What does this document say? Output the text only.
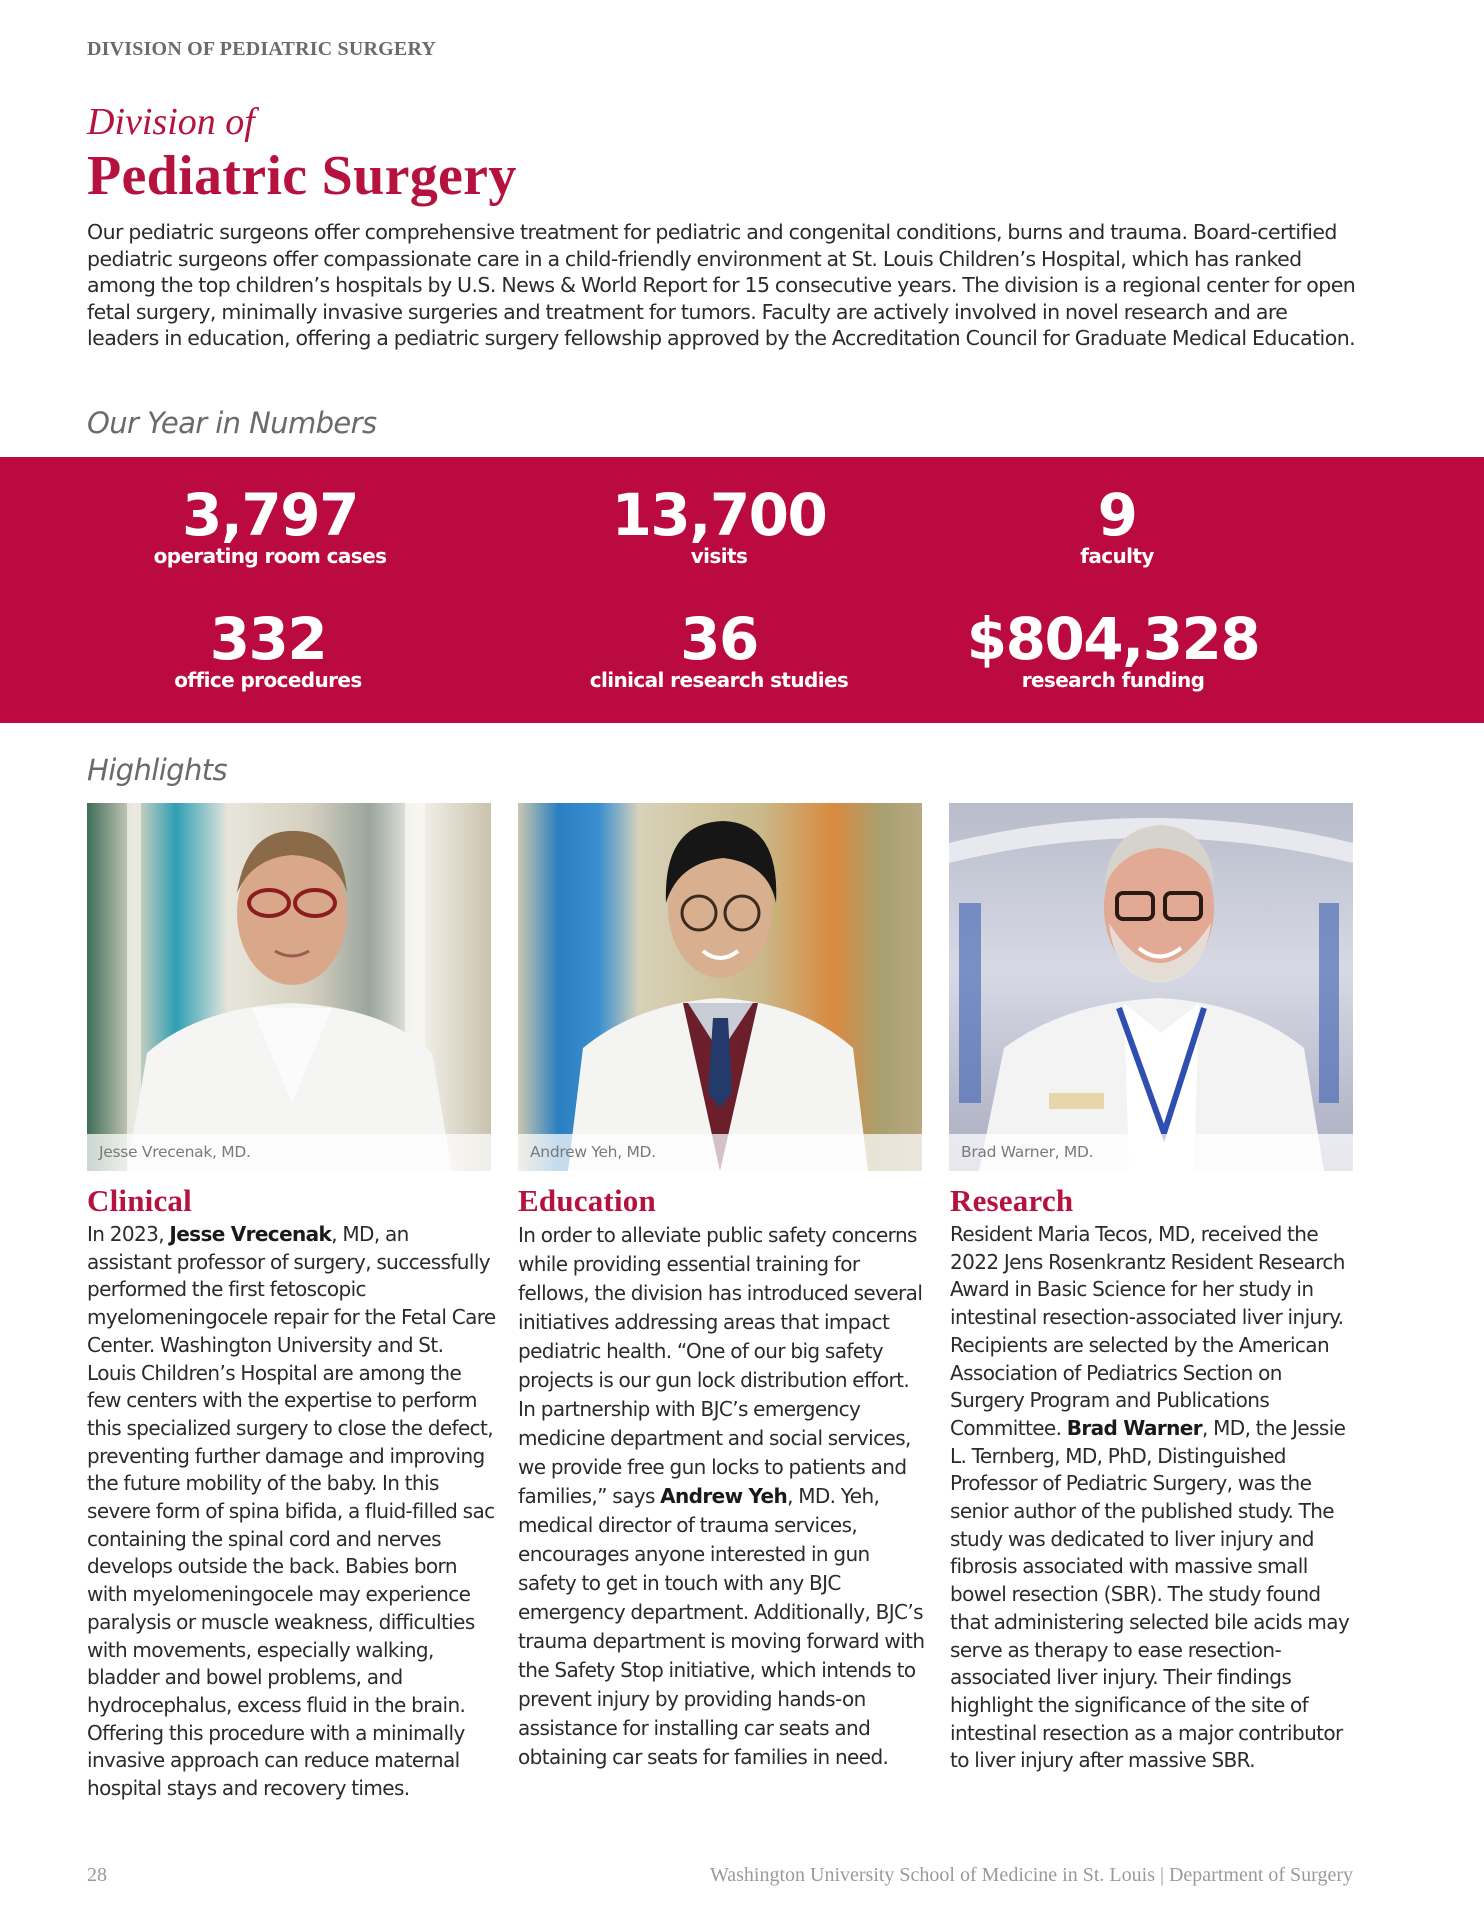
DIVISION OF PEDIATRIC SURGERY
Division of
Pediatric Surgery

Our pediatric surgeons offer comprehensive treatment for pediatric and congenital conditions, burns and trauma. Board-certified pediatric surgeons offer compassionate care in a child-friendly environment at St. Louis Children’s Hospital, which has ranked among the top children’s hospitals by U.S. News & World Report for 15 consecutive years. The division is a regional center for open fetal surgery, minimally invasive surgeries and treatment for tumors. Faculty are actively involved in novel research and are leaders in education, offering a pediatric surgery fellowship approved by the Accreditation Council for Graduate Medical Education.

Our Year in Numbers
3,797
operating room cases
13,700
visits
9
faculty
332
office procedures
36
clinical research studies
$804,328
research funding
Highlights
Jesse Vrecenak, MD.	Andrew Yeh, MD.	Brad Warner, MD.
Clinical

In 2023, Jesse Vrecenak, MD, an assistant professor of surgery, successfully performed the first fetoscopic myelomeningocele repair for the Fetal Care Center. Washington University and St. Louis Children’s Hospital are among the few centers with the expertise to perform this specialized surgery to close the defect, preventing further damage and improving the future mobility of the baby. In this severe form of spina bifida, a fluid-filled sac containing the spinal cord and nerves develops outside the back. Babies born with myelomeningocele may experience paralysis or muscle weakness, difficulties with movements, especially walking, bladder and bowel problems, and hydrocephalus, excess fluid in the brain. Offering this procedure with a minimally invasive approach can reduce maternal hospital stays and recovery times.

Education

In order to alleviate public safety concerns while providing essential training for fellows, the division has introduced several initiatives addressing areas that impact pediatric health. “One of our big safety projects is our gun lock distribution effort. In partnership with BJC’s emergency medicine department and social services, we provide free gun locks to patients and families,” says Andrew Yeh, MD. Yeh, medical director of trauma services, encourages anyone interested in gun safety to get in touch with any BJC emergency department. Additionally, BJC’s trauma department is moving forward with the Safety Stop initiative, which intends to prevent injury by providing hands-on assistance for installing car seats and obtaining car seats for families in need.

Research

Resident Maria Tecos, MD, received the 2022 Jens Rosenkrantz Resident Research Award in Basic Science for her study in intestinal resection-associated liver injury. Recipients are selected by the American Association of Pediatrics Section on Surgery Program and Publications Committee. Brad Warner, MD, the Jessie L. Ternberg, MD, PhD, Distinguished Professor of Pediatric Surgery, was the senior author of the published study. The study was dedicated to liver injury and fibrosis associated with massive small bowel resection (SBR). The study found that administering selected bile acids may serve as therapy to ease resection-associated liver injury. Their findings highlight the significance of the site of intestinal resection as a major contributor to liver injury after massive SBR.

28	Washington University School of Medicine in St. Louis | Department of Surgery
